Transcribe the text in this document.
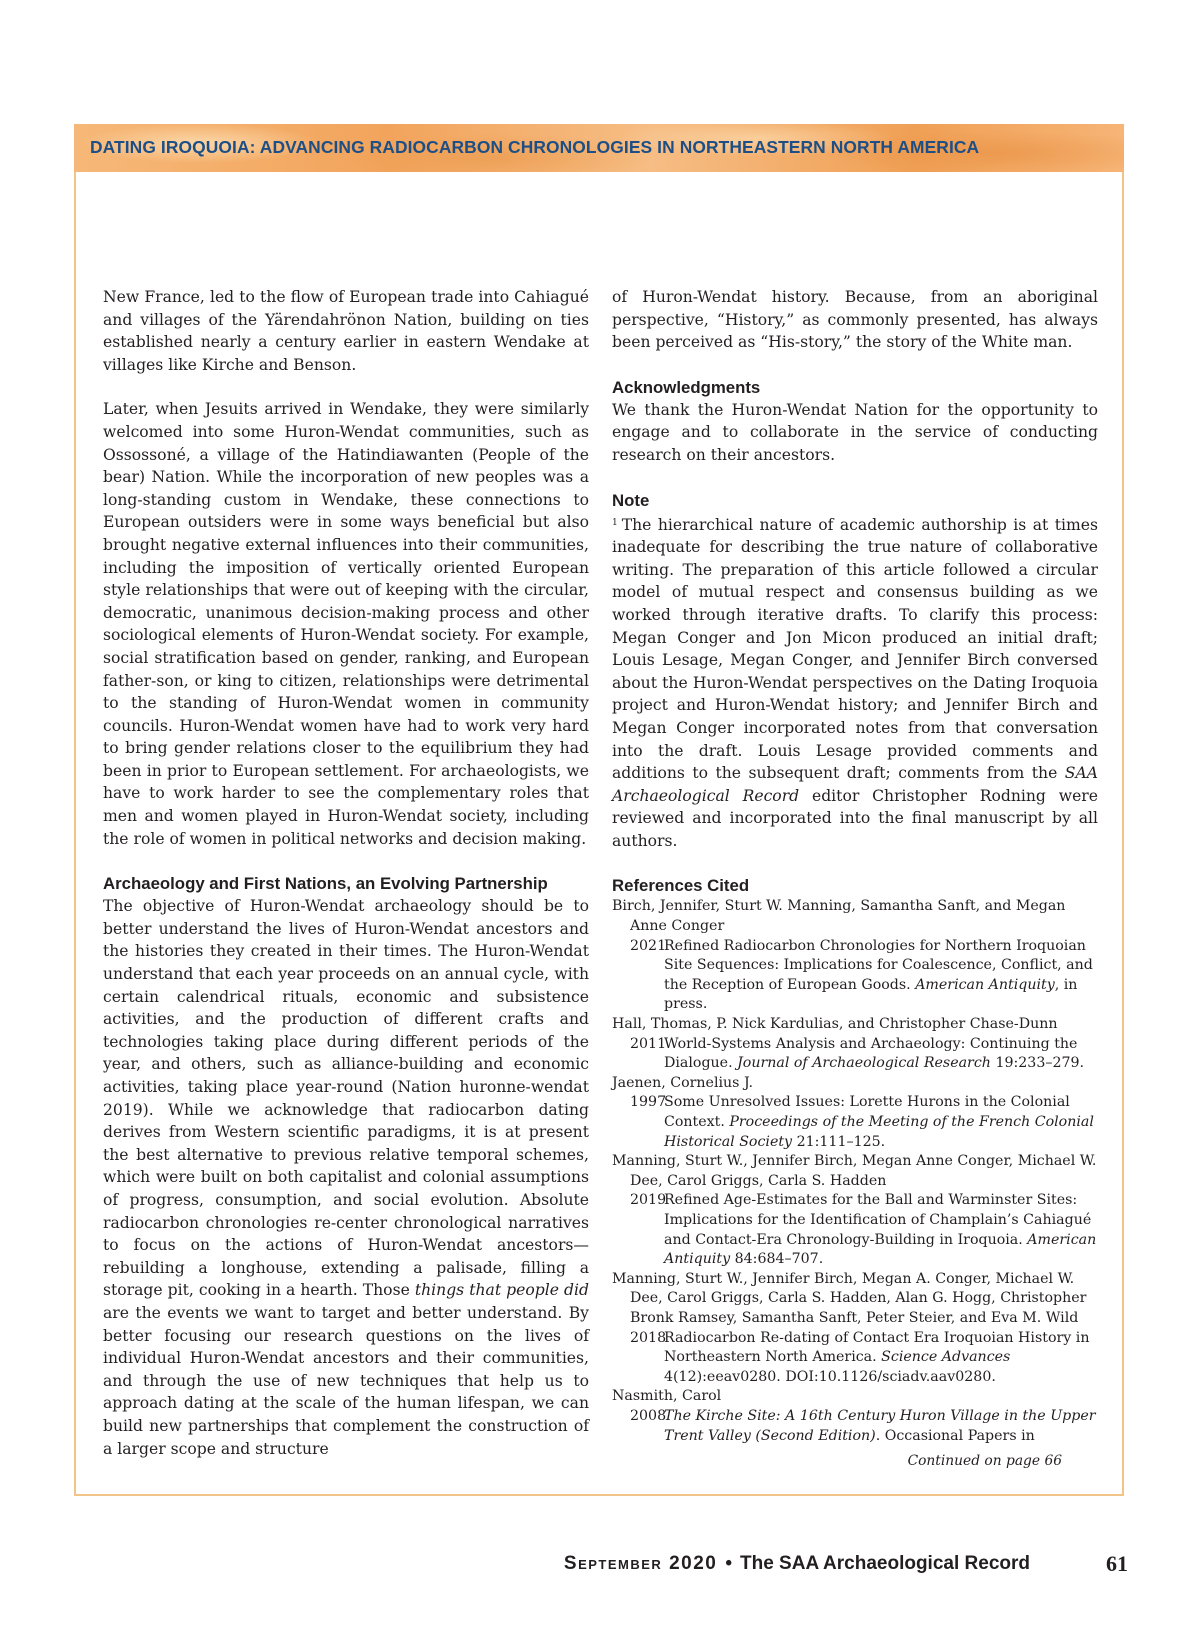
DATING IROQUOIA: ADVANCING RADIOCARBON CHRONOLOGIES IN NORTHEASTERN NORTH AMERICA

New France, led to the flow of European trade into Cahiagué and villages of the Yärendahrönon Nation, building on ties established nearly a century earlier in eastern Wendake at villages like Kirche and Benson.

Later, when Jesuits arrived in Wendake, they were similarly welcomed into some Huron-Wendat communities, such as Ossossoné, a village of the Hatindiawanten (People of the bear) Nation. While the incorporation of new peoples was a long-standing custom in Wendake, these connections to European outsiders were in some ways beneficial but also brought negative external influences into their communities, including the imposition of vertically oriented European style relationships that were out of keeping with the circular, democratic, unanimous decision-making process and other sociological elements of Huron-Wendat society. For example, social stratification based on gender, ranking, and European father-son, or king to citizen, relationships were detrimental to the standing of Huron-Wendat women in community councils. Huron-Wendat women have had to work very hard to bring gender relations closer to the equilibrium they had been in prior to European settlement. For archaeologists, we have to work harder to see the complementary roles that men and women played in Huron-Wendat society, including the role of women in political networks and decision making.

Archaeology and First Nations, an Evolving Partnership

The objective of Huron-Wendat archaeology should be to better understand the lives of Huron-Wendat ancestors and the histories they created in their times. The Huron-Wendat understand that each year proceeds on an annual cycle, with certain calendrical rituals, economic and subsistence activities, and the production of different crafts and technologies taking place during different periods of the year, and others, such as alliance-building and economic activities, taking place year-round (Nation huronne-wendat 2019). While we acknowledge that radiocarbon dating derives from Western scientific paradigms, it is at present the best alternative to previous relative temporal schemes, which were built on both capitalist and colonial assumptions of progress, consumption, and social evolution. Absolute radiocarbon chronologies re-center chronological narratives to focus on the actions of Huron-Wendat ancestors—rebuilding a longhouse, extending a palisade, filling a storage pit, cooking in a hearth. Those things that people did are the events we want to target and better understand. By better focusing our research questions on the lives of individual Huron-Wendat ancestors and their communities, and through the use of new techniques that help us to approach dating at the scale of the human lifespan, we can build new partnerships that complement the construction of a larger scope and structure

of Huron-Wendat history. Because, from an aboriginal perspective, “History,” as commonly presented, has always been perceived as “His-story,” the story of the White man.

Acknowledgments

We thank the Huron-Wendat Nation for the opportunity to engage and to collaborate in the service of conducting research on their ancestors.

Note

$^1$ The hierarchical nature of academic authorship is at times inadequate for describing the true nature of collaborative writing. The preparation of this article followed a circular model of mutual respect and consensus building as we worked through iterative drafts. To clarify this process: Megan Conger and Jon Micon produced an initial draft; Louis Lesage, Megan Conger, and Jennifer Birch conversed about the Huron-Wendat perspectives on the Dating Iroquoia project and Huron-Wendat history; and Jennifer Birch and Megan Conger incorporated notes from that conversation into the draft. Louis Lesage provided comments and additions to the subsequent draft; comments from the SAA Archaeological Record editor Christopher Rodning were reviewed and incorporated into the final manuscript by all authors.

References Cited
Birch, Jennifer, Sturt W. Manning, Samantha Sanft, and Megan Anne Conger
2021Refined Radiocarbon Chronologies for Northern Iroquoian Site Sequences: Implications for Coalescence, Conflict, and the Reception of European Goods. American Antiquity, in press.
Hall, Thomas, P. Nick Kardulias, and Christopher Chase-Dunn
2011World-Systems Analysis and Archaeology: Continuing the Dialogue. Journal of Archaeological Research 19:233–279.
Jaenen, Cornelius J.
1997Some Unresolved Issues: Lorette Hurons in the Colonial Context. Proceedings of the Meeting of the French Colonial Historical Society 21:111–125.
Manning, Sturt W., Jennifer Birch, Megan Anne Conger, Michael W. Dee, Carol Griggs, Carla S. Hadden
2019Refined Age-Estimates for the Ball and Warminster Sites: Implications for the Identification of Champlain’s Cahiagué and Contact-Era Chronology-Building in Iroquoia. American Antiquity 84:684–707.
Manning, Sturt W., Jennifer Birch, Megan A. Conger, Michael W. Dee, Carol Griggs, Carla S. Hadden, Alan G. Hogg, Christopher Bronk Ramsey, Samantha Sanft, Peter Steier, and Eva M. Wild
2018Radiocarbon Re-dating of Contact Era Iroquoian History in Northeastern North America. Science Advances 4(12):eeav0280. DOI:10.1126/sciadv.aav0280.
Nasmith, Carol
2008The Kirche Site: A 16th Century Huron Village in the Upper Trent Valley (Second Edition). Occasional Papers in
Continued on page 66
September 2020 • The SAA Archaeological Record	61
